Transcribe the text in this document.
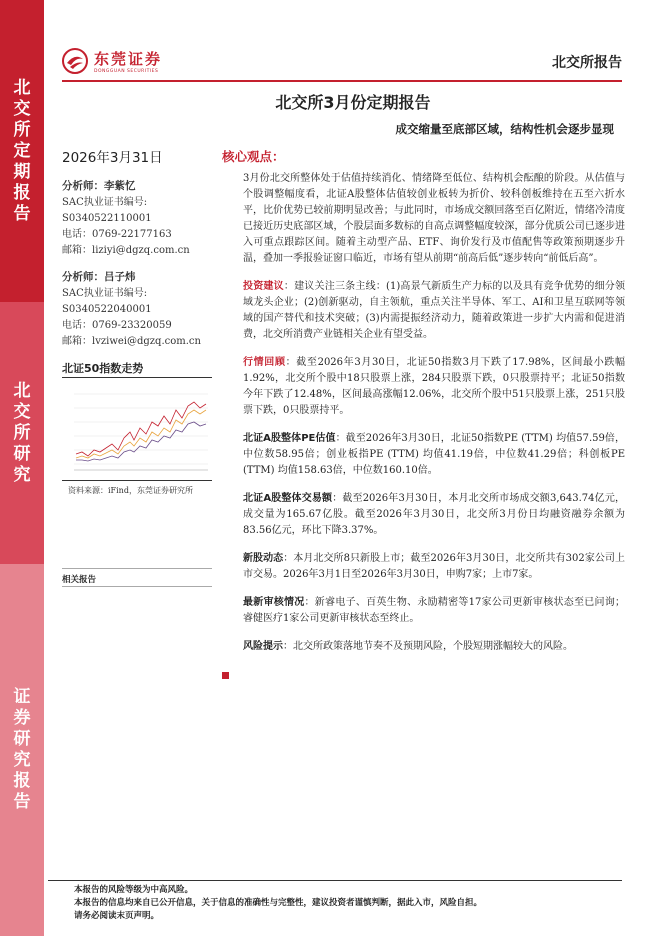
北
交
所
定
期
报
告
北
交
所
研
究
证
券
研
究
报
告
东莞证券
DONGGUAN SECURITIES
北交所报告
北交所3月份定期报告
成交缩量至底部区域，结构性机会逐步显现
2026年3月31日
分析师：李紫忆
SAC执业证书编号:
S0340522110001
电话：0769-22177163
邮箱：liziyi@dgzq.com.cn
分析师：吕子炜
SAC执业证书编号:
S0340522040001
电话：0769-23320059
邮箱：lvziwei@dgzq.com.cn
北证50指数走势
资料来源：iFind，东莞证券研究所
相关报告
核心观点：

3月份北交所整体处于估值持续消化、情绪降至低位、结构机会酝酿的阶段。从估值与个股调整幅度看，北证A股整体估值较创业板转为折价、较科创板维持在五至六折水平，比价优势已较前期明显改善；与此同时，市场成交额回落至百亿附近，情绪冷清度已接近历史底部区域，个股层面多数标的自高点调整幅度较深，部分优质公司已逐步进入可重点跟踪区间。随着主动型产品、ETF、询价发行及市值配售等政策预期逐步升温，叠加一季报验证窗口临近，市场有望从前期“前高后低”逐步转向“前低后高”。

投资建议：建议关注三条主线：(1)高景气新质生产力标的以及具有竞争优势的细分领域龙头企业；(2)创新驱动，自主领航，重点关注半导体、军工、AI和卫星互联网等领域的国产替代和技术突破；(3)内需提振经济动力，随着政策进一步扩大内需和促进消费，北交所消费产业链相关企业有望受益。

行情回顾：截至2026年3月30日，北证50指数3月下跌了17.98%，区间最小跌幅1.92%，北交所个股中18只股票上涨，284只股票下跌，0只股票持平；北证50指数今年下跌了12.48%，区间最高涨幅12.06%，北交所个股中51只股票上涨，251只股票下跌，0只股票持平。

北证A股整体PE估值：截至2026年3月30日，北证50指数PE (TTM) 均值57.59倍，中位数58.95倍；创业板指PE (TTM) 均值41.19倍，中位数41.29倍；科创板PE (TTM) 均值158.63倍，中位数160.10倍。

北证A股整体交易额：截至2026年3月30日，本月北交所市场成交额3,643.74亿元，成交量为165.67亿股。截至2026年3月30日，北交所3月份日均融资融券余额为83.56亿元，环比下降3.37%。

新股动态：本月北交所8只新股上市；截至2026年3月30日，北交所共有302家公司上市交易。2026年3月1日至2026年3月30日，申购7家；上市7家。

最新审核情况：新睿电子、百英生物、永励精密等17家公司更新审核状态至已问询；睿健医疗1家公司更新审核状态至终止。

风险提示：北交所政策落地节奏不及预期风险，个股短期涨幅较大的风险。

本报告的风险等级为中高风险。
本报告的信息均来自已公开信息，关于信息的准确性与完整性，建议投资者谨慎判断，据此入市，风险自担。
请务必阅读末页声明。
